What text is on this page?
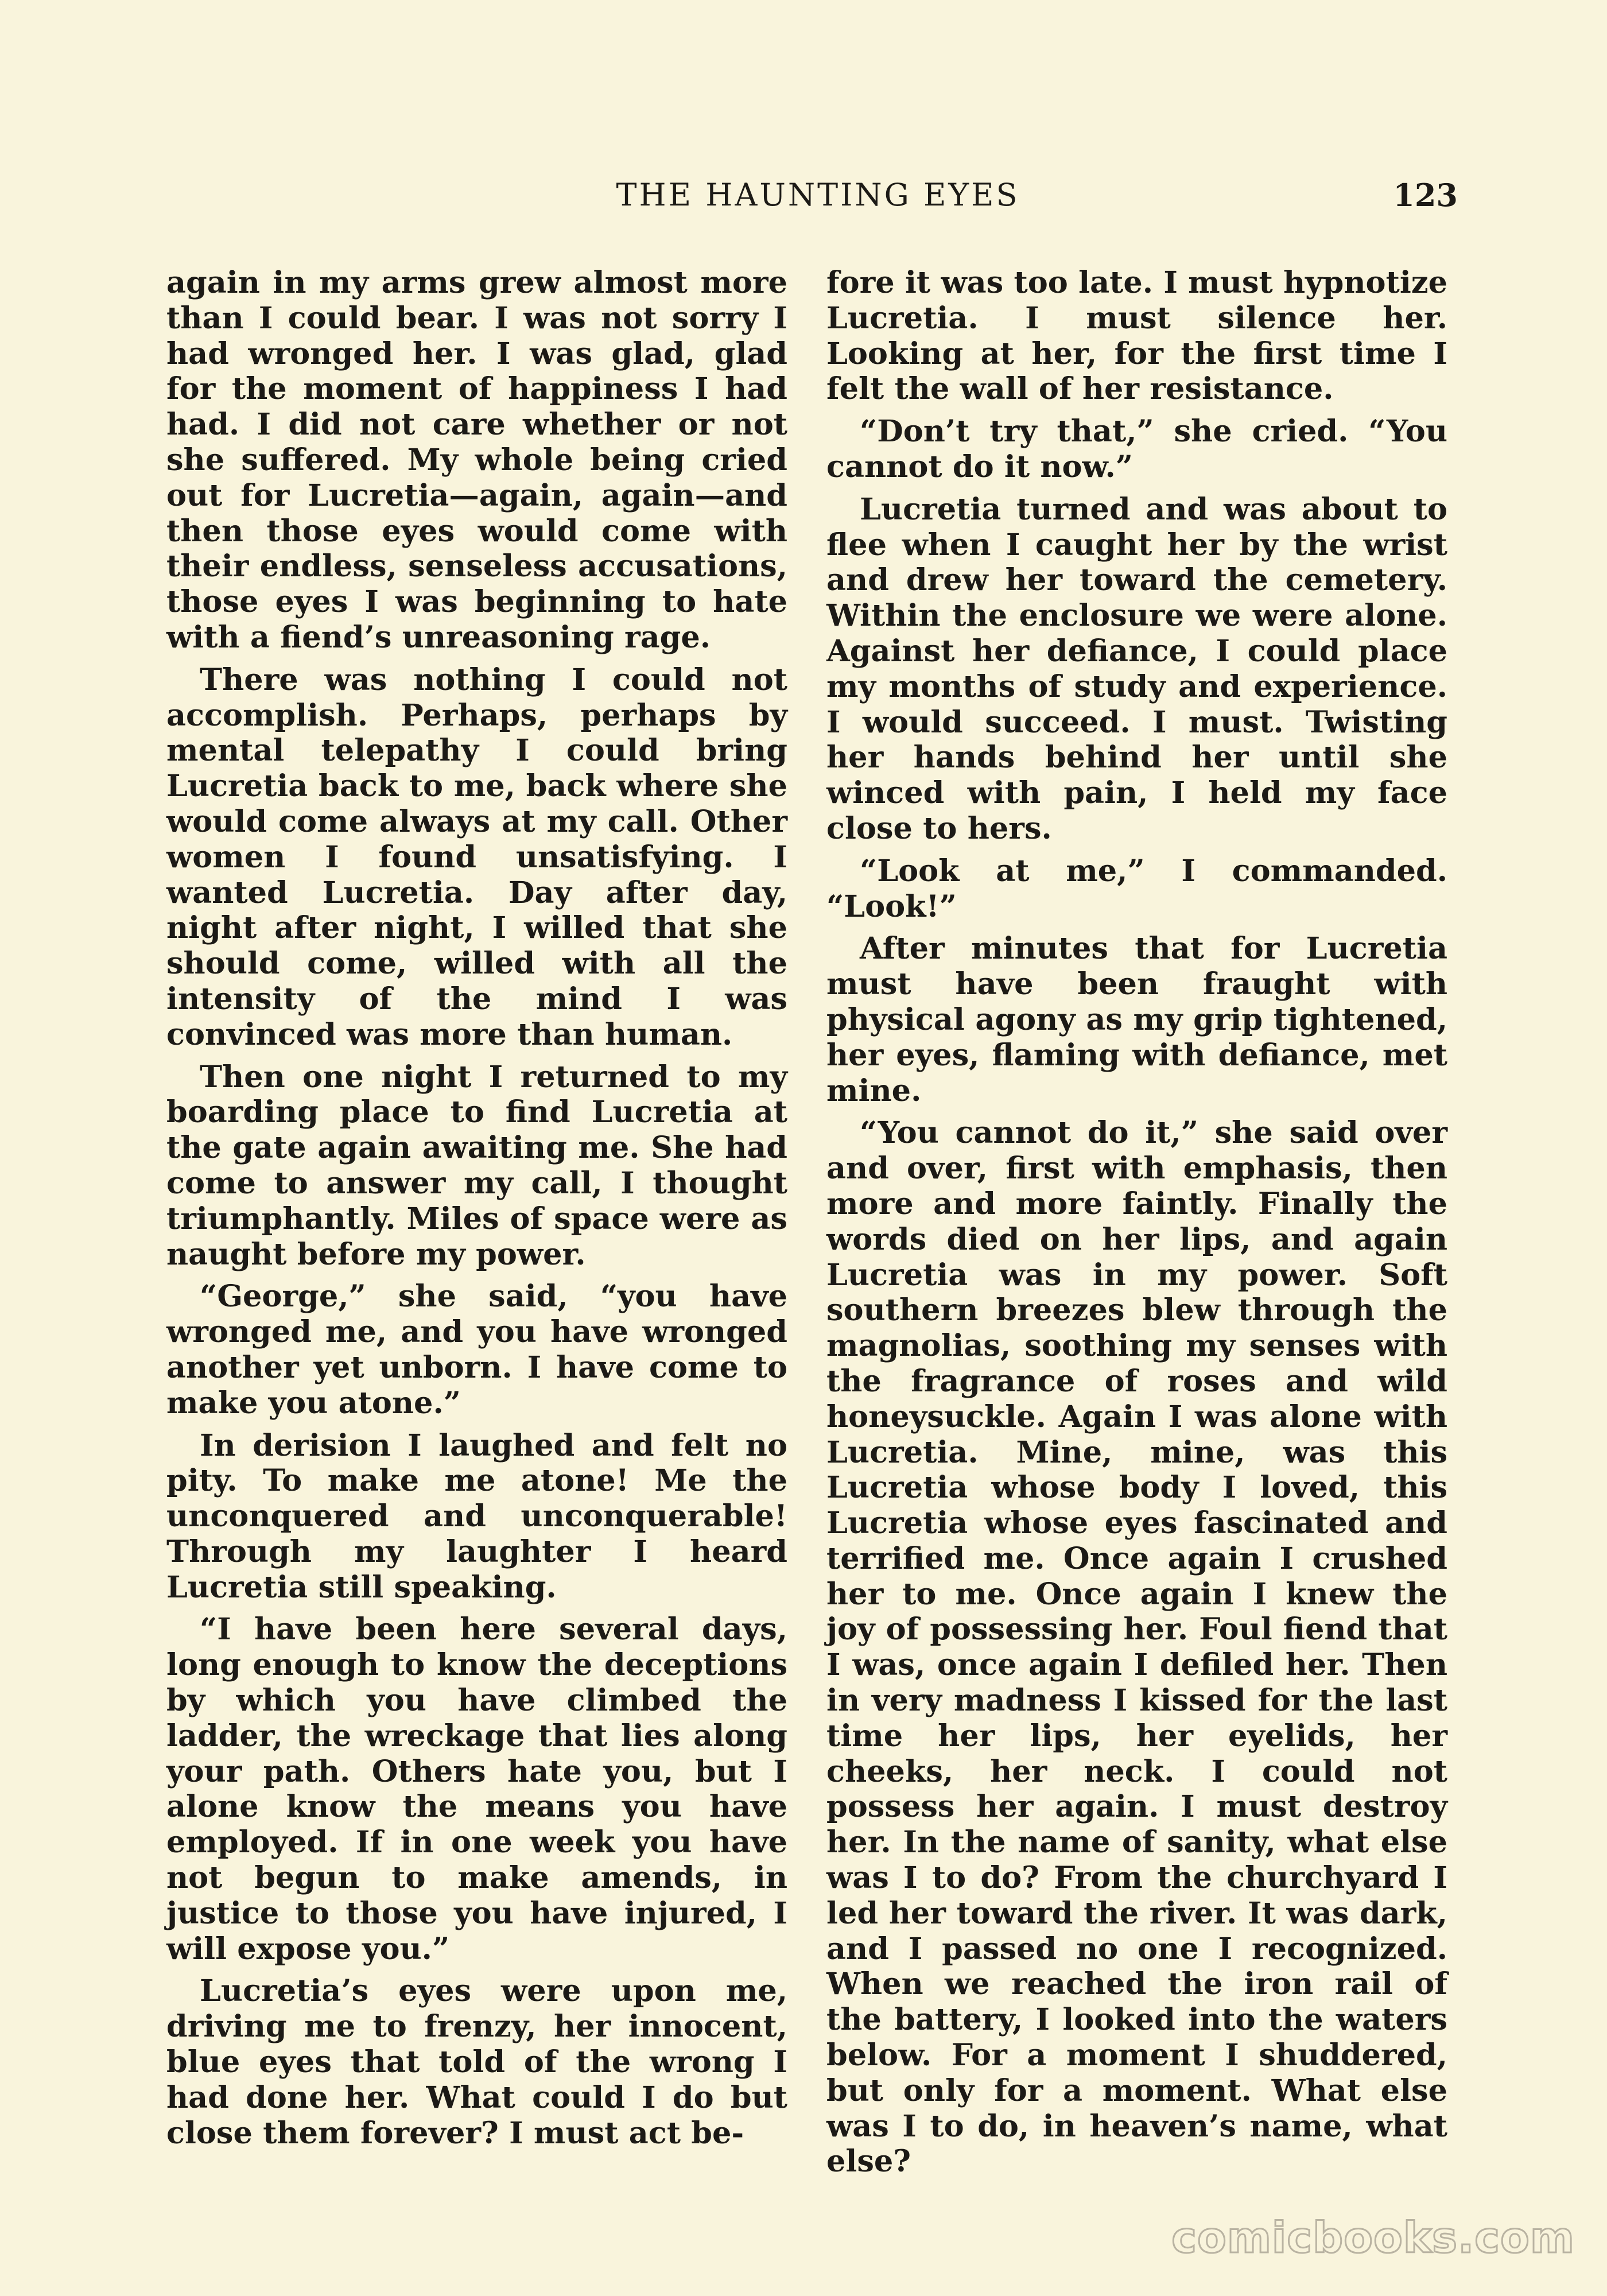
THE HAUNTING EYES	123

again in my arms grew almost more than I could bear. I was not sorry I had wronged her. I was glad, glad for the moment of happiness I had had. I did not care whether or not she suffered. My whole being cried out for Lucretia—again, again—and then those eyes would come with their endless, senseless accusations, those eyes I was beginning to hate with a fiend’s unreasoning rage.

There was nothing I could not accomplish. Perhaps, perhaps by mental telepathy I could bring Lucretia back to me, back where she would come always at my call. Other women I found unsatisfying. I wanted Lucretia. Day after day, night after night, I willed that she should come, willed with all the intensity of the mind I was convinced was more than human.

Then one night I returned to my boarding place to find Lucretia at the gate again awaiting me. She had come to answer my call, I thought triumphantly. Miles of space were as naught before my power.

“George,” she said, “you have wronged me, and you have wronged another yet unborn. I have come to make you atone.”

In derision I laughed and felt no pity. To make me atone! Me the unconquered and unconquerable! Through my laughter I heard Lucretia still speaking.

“I have been here several days, long enough to know the deceptions by which you have climbed the ladder, the wreckage that lies along your path. Others hate you, but I alone know the means you have employed. If in one week you have not begun to make amends, in justice to those you have injured, I will expose you.”

Lucretia’s eyes were upon me, driving me to frenzy, her innocent, blue eyes that told of the wrong I had done her. What could I do but close them forever? I must act be-

fore it was too late. I must hypnotize Lucretia. I must silence her. Looking at her, for the first time I felt the wall of her resistance.

“Don’t try that,” she cried. “You cannot do it now.”

Lucretia turned and was about to flee when I caught her by the wrist and drew her toward the cemetery. Within the enclosure we were alone. Against her defiance, I could place my months of study and experience. I would succeed. I must. Twisting her hands behind her until she winced with pain, I held my face close to hers.

“Look at me,” I commanded. “Look!”

After minutes that for Lucretia must have been fraught with physical agony as my grip tightened, her eyes, flaming with defiance, met mine.

“You cannot do it,” she said over and over, first with emphasis, then more and more faintly. Finally the words died on her lips, and again Lucretia was in my power. Soft southern breezes blew through the magnolias, soothing my senses with the fragrance of roses and wild honeysuckle. Again I was alone with Lucretia. Mine, mine, was this Lucretia whose body I loved, this Lucretia whose eyes fascinated and terrified me. Once again I crushed her to me. Once again I knew the joy of possessing her. Foul fiend that I was, once again I defiled her. Then in very madness I kissed for the last time her lips, her eyelids, her cheeks, her neck. I could not possess her again. I must destroy her. In the name of sanity, what else was I to do? From the churchyard I led her toward the river. It was dark, and I passed no one I recognized. When we reached the iron rail of the battery, I looked into the waters below. For a moment I shuddered, but only for a moment. What else was I to do, in heaven’s name, what else?

comicbooks.com
